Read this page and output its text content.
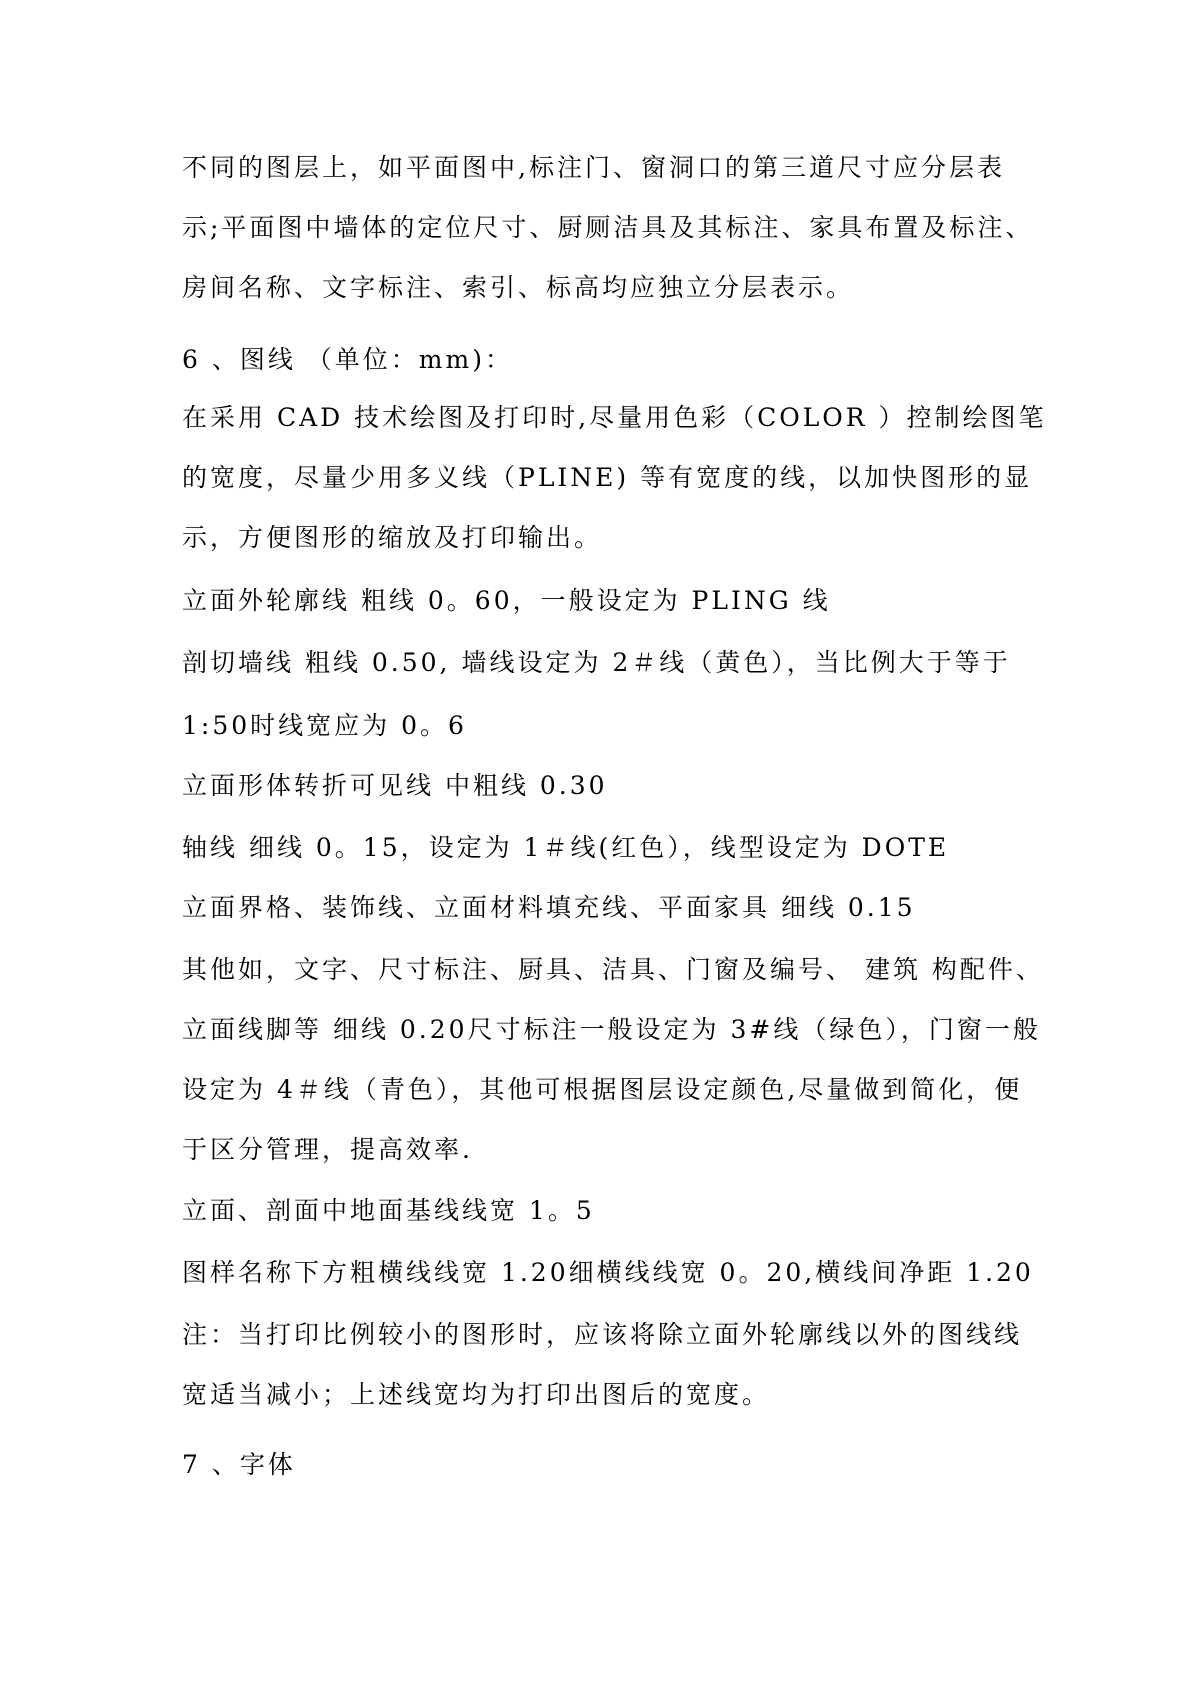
不同的图层上，如平面图中,标注门、窗洞口的第三道尺寸应分层表
示;平面图中墙体的定位尺寸、厨厕洁具及其标注、家具布置及标注、
房间名称、文字标注、索引、标高均应独立分层表示。
6 、图线 （单位：mm)：
在采用 CAD 技术绘图及打印时,尽量用色彩（COLOR ）控制绘图笔
的宽度，尽量少用多义线（PLINE) 等有宽度的线，以加快图形的显
示，方便图形的缩放及打印输出。
立面外轮廓线 粗线 0。60，一般设定为 PLING 线
剖切墙线 粗线 0.50, 墙线设定为 2＃线（黄色），当比例大于等于
1:50时线宽应为 0。6
立面形体转折可见线 中粗线 0.30
轴线 细线 0。15，设定为 1＃线(红色），线型设定为 DOTE
立面界格、装饰线、立面材料填充线、平面家具 细线 0.15
其他如，文字、尺寸标注、厨具、洁具、门窗及编号、 建筑 构配件、
立面线脚等 细线 0.20尺寸标注一般设定为 3#线（绿色），门窗一般
设定为 4＃线（青色），其他可根据图层设定颜色,尽量做到简化，便
于区分管理，提高效率.
立面、剖面中地面基线线宽 1。5
图样名称下方粗横线线宽 1.20细横线线宽 0。20,横线间净距 1.20
注：当打印比例较小的图形时，应该将除立面外轮廓线以外的图线线
宽适当减小；上述线宽均为打印出图后的宽度。
7 、字体
